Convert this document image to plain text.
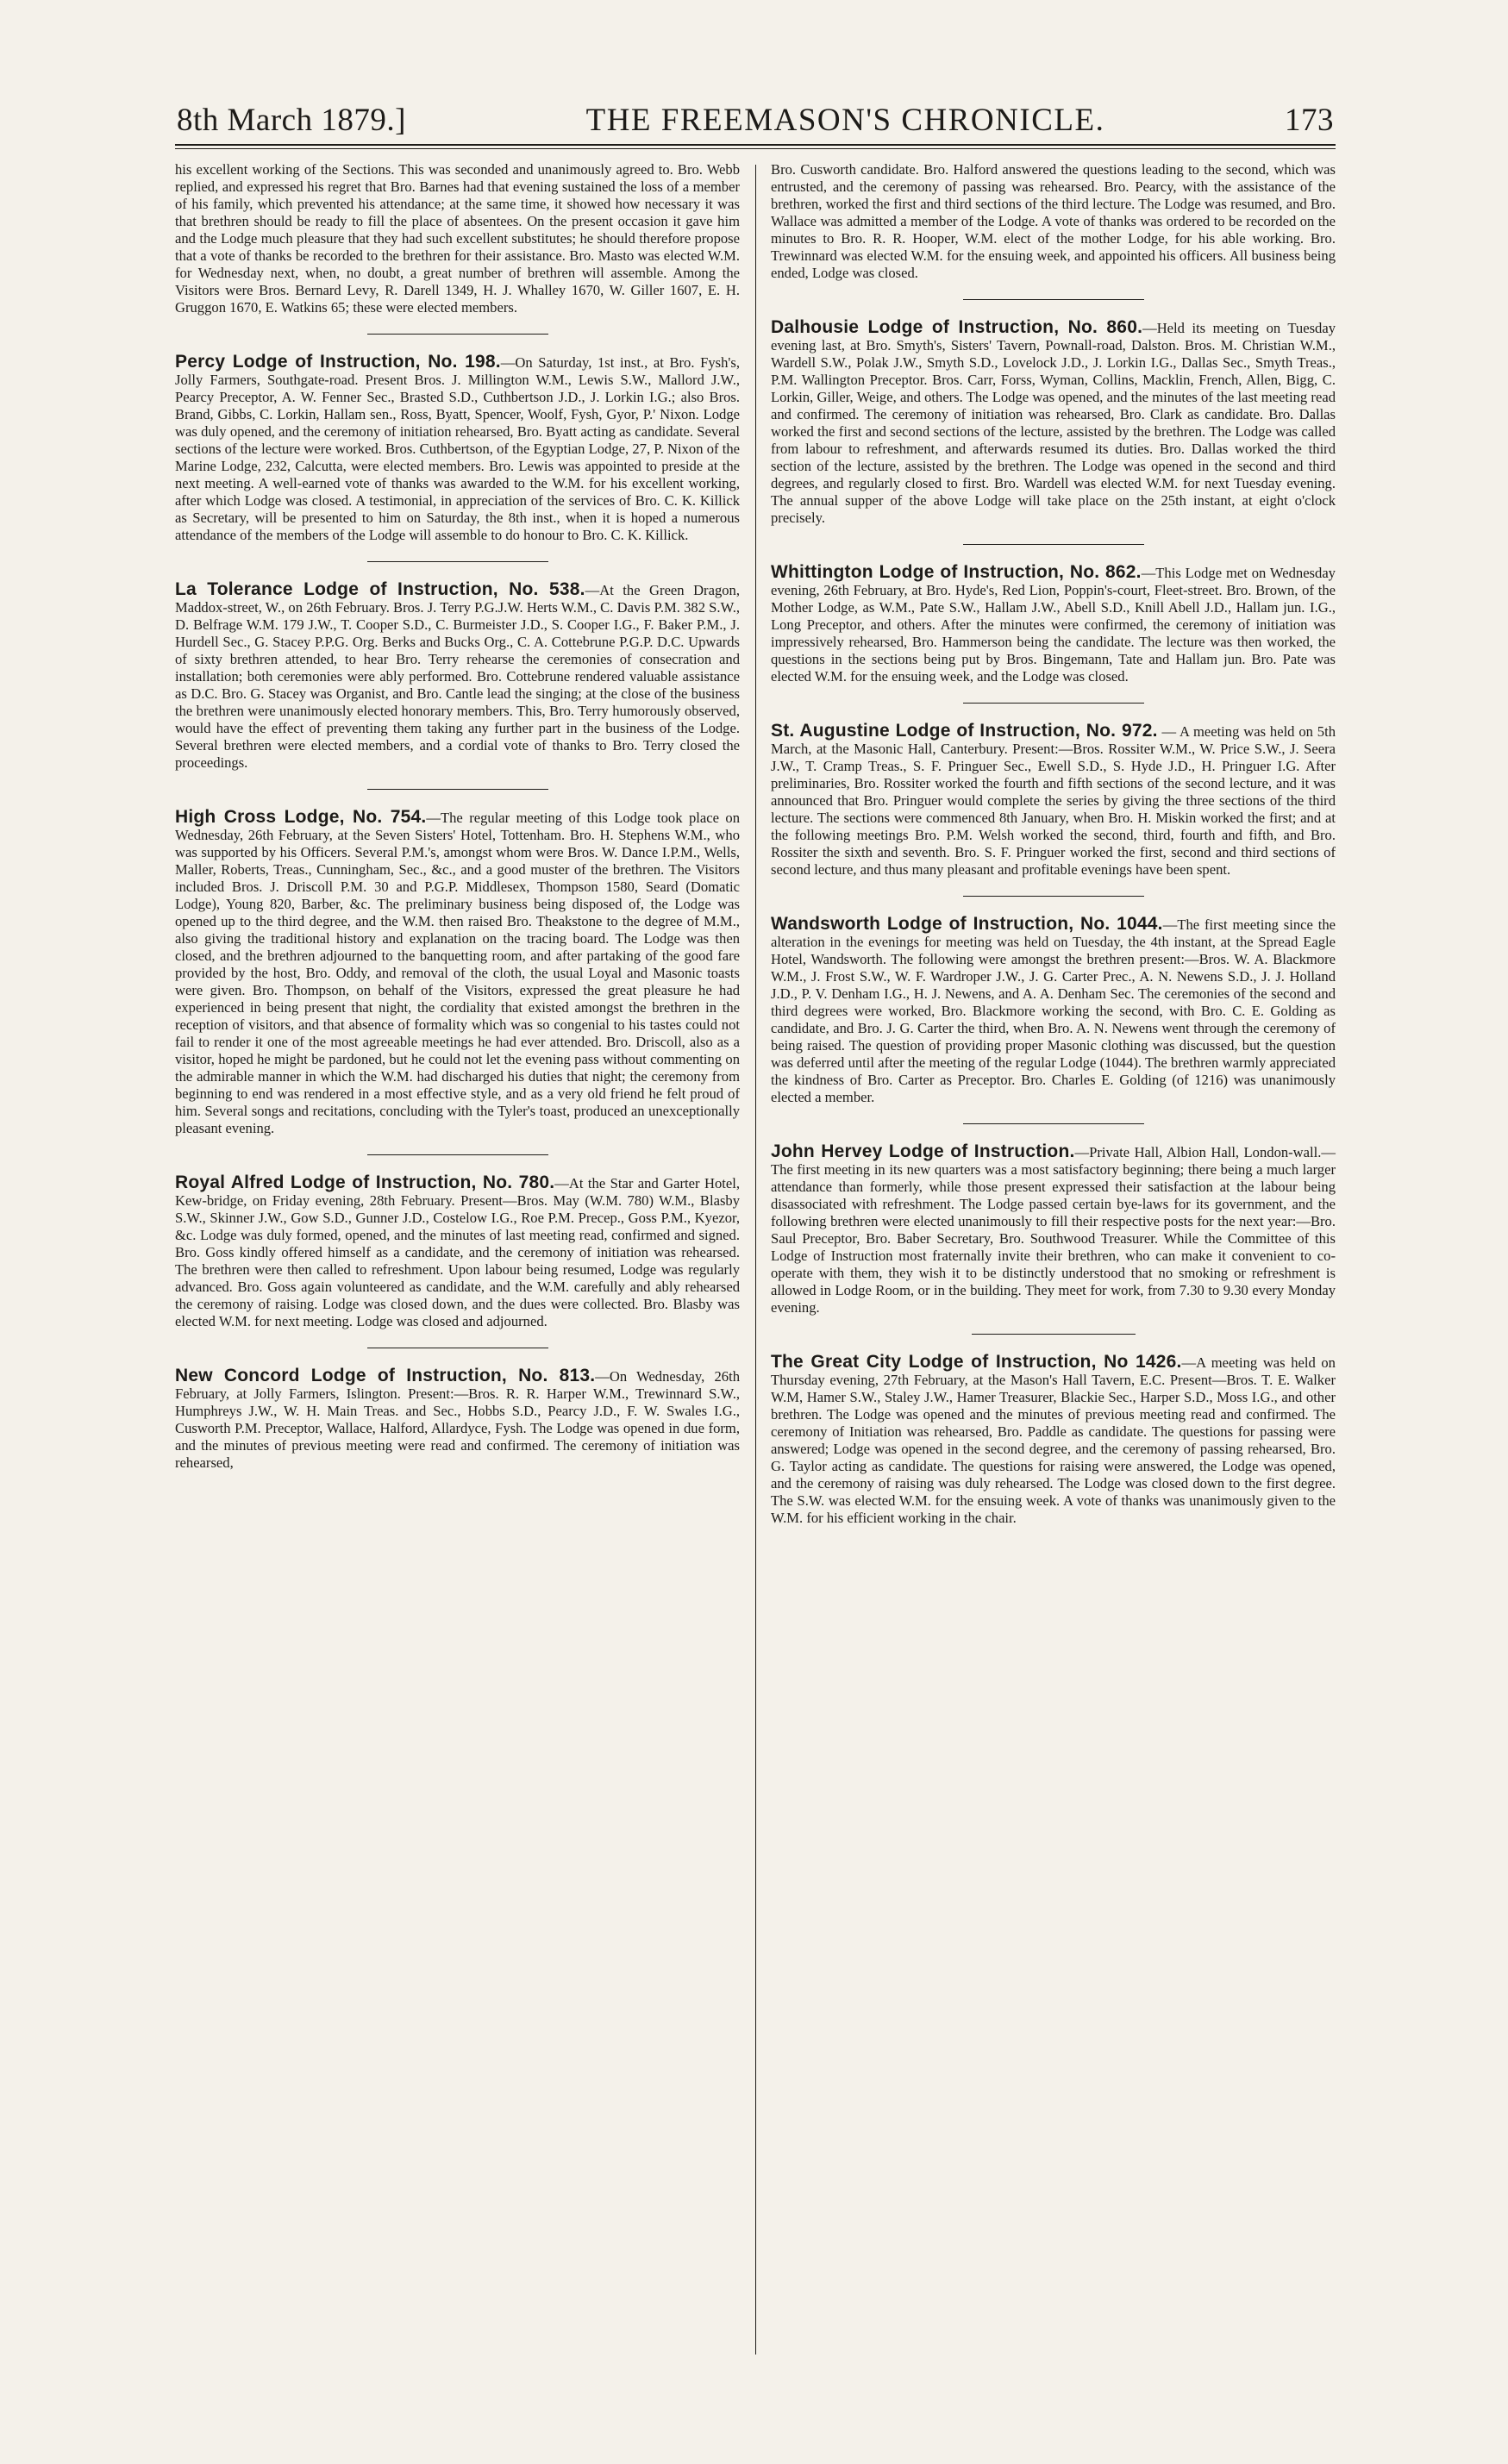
8th March 1879.]	THE FREEMASON'S CHRONICLE.	173

his excellent working of the Sections. This was seconded and unanimously agreed to. Bro. Webb replied, and expressed his regret that Bro. Barnes had that evening sustained the loss of a member of his family, which prevented his attendance; at the same time, it showed how necessary it was that brethren should be ready to fill the place of absentees. On the present occasion it gave him and the Lodge much pleasure that they had such excellent substitutes; he should therefore propose that a vote of thanks be recorded to the brethren for their assistance. Bro. Masto was elected W.M. for Wednesday next, when, no doubt, a great number of brethren will assemble. Among the Visitors were Bros. Bernard Levy, R. Darell 1349, H. J. Whalley 1670, W. Giller 1607, E. H. Gruggon 1670, E. Watkins 65; these were elected members.

Percy Lodge of Instruction, No. 198.—On Saturday, 1st inst., at Bro. Fysh's, Jolly Farmers, Southgate-road. Present Bros. J. Millington W.M., Lewis S.W., Mallord J.W., Pearcy Preceptor, A. W. Fenner Sec., Brasted S.D., Cuthbertson J.D., J. Lorkin I.G.; also Bros. Brand, Gibbs, C. Lorkin, Hallam sen., Ross, Byatt, Spencer, Woolf, Fysh, Gyor, P.' Nixon. Lodge was duly opened, and the ceremony of initiation rehearsed, Bro. Byatt acting as candidate. Several sections of the lecture were worked. Bros. Cuthbertson, of the Egyptian Lodge, 27, P. Nixon of the Marine Lodge, 232, Calcutta, were elected members. Bro. Lewis was appointed to preside at the next meeting. A well-earned vote of thanks was awarded to the W.M. for his excellent working, after which Lodge was closed. A testimonial, in appreciation of the services of Bro. C. K. Killick as Secretary, will be presented to him on Saturday, the 8th inst., when it is hoped a numerous attendance of the members of the Lodge will assemble to do honour to Bro. C. K. Killick.

La Tolerance Lodge of Instruction, No. 538.—At the Green Dragon, Maddox-street, W., on 26th February. Bros. J. Terry P.G.J.W. Herts W.M., C. Davis P.M. 382 S.W., D. Belfrage W.M. 179 J.W., T. Cooper S.D., C. Burmeister J.D., S. Cooper I.G., F. Baker P.M., J. Hurdell Sec., G. Stacey P.P.G. Org. Berks and Bucks Org., C. A. Cottebrune P.G.P. D.C. Upwards of sixty brethren attended, to hear Bro. Terry rehearse the ceremonies of consecration and installation; both ceremonies were ably performed. Bro. Cottebrune rendered valuable assistance as D.C. Bro. G. Stacey was Organist, and Bro. Cantle lead the singing; at the close of the business the brethren were unanimously elected honorary members. This, Bro. Terry humorously observed, would have the effect of preventing them taking any further part in the business of the Lodge. Several brethren were elected members, and a cordial vote of thanks to Bro. Terry closed the proceedings.

High Cross Lodge, No. 754.—The regular meeting of this Lodge took place on Wednesday, 26th February, at the Seven Sisters' Hotel, Tottenham. Bro. H. Stephens W.M., who was supported by his Officers. Several P.M.'s, amongst whom were Bros. W. Dance I.P.M., Wells, Maller, Roberts, Treas., Cunningham, Sec., &c., and a good muster of the brethren. The Visitors included Bros. J. Driscoll P.M. 30 and P.G.P. Middlesex, Thompson 1580, Seard (Domatic Lodge), Young 820, Barber, &c. The preliminary business being disposed of, the Lodge was opened up to the third degree, and the W.M. then raised Bro. Theakstone to the degree of M.M., also giving the traditional history and explanation on the tracing board. The Lodge was then closed, and the brethren adjourned to the banquetting room, and after partaking of the good fare provided by the host, Bro. Oddy, and removal of the cloth, the usual Loyal and Masonic toasts were given. Bro. Thompson, on behalf of the Visitors, expressed the great pleasure he had experienced in being present that night, the cordiality that existed amongst the brethren in the reception of visitors, and that absence of formality which was so congenial to his tastes could not fail to render it one of the most agreeable meetings he had ever attended. Bro. Driscoll, also as a visitor, hoped he might be pardoned, but he could not let the evening pass without commenting on the admirable manner in which the W.M. had discharged his duties that night; the ceremony from beginning to end was rendered in a most effective style, and as a very old friend he felt proud of him. Several songs and recitations, concluding with the Tyler's toast, produced an unexceptionally pleasant evening.

Royal Alfred Lodge of Instruction, No. 780.—At the Star and Garter Hotel, Kew-bridge, on Friday evening, 28th February. Present—Bros. May (W.M. 780) W.M., Blasby S.W., Skinner J.W., Gow S.D., Gunner J.D., Costelow I.G., Roe P.M. Precep., Goss P.M., Kyezor, &c. Lodge was duly formed, opened, and the minutes of last meeting read, confirmed and signed. Bro. Goss kindly offered himself as a candidate, and the ceremony of initiation was rehearsed. The brethren were then called to refreshment. Upon labour being resumed, Lodge was regularly advanced. Bro. Goss again volunteered as candidate, and the W.M. carefully and ably rehearsed the ceremony of raising. Lodge was closed down, and the dues were collected. Bro. Blasby was elected W.M. for next meeting. Lodge was closed and adjourned.

New Concord Lodge of Instruction, No. 813.—On Wednesday, 26th February, at Jolly Farmers, Islington. Present:—Bros. R. R. Harper W.M., Trewinnard S.W., Humphreys J.W., W. H. Main Treas. and Sec., Hobbs S.D., Pearcy J.D., F. W. Swales I.G., Cusworth P.M. Preceptor, Wallace, Halford, Allardyce, Fysh. The Lodge was opened in due form, and the minutes of previous meeting were read and confirmed. The ceremony of initiation was rehearsed,

Bro. Cusworth candidate. Bro. Halford answered the questions leading to the second, which was entrusted, and the ceremony of passing was rehearsed. Bro. Pearcy, with the assistance of the brethren, worked the first and third sections of the third lecture. The Lodge was resumed, and Bro. Wallace was admitted a member of the Lodge. A vote of thanks was ordered to be recorded on the minutes to Bro. R. R. Hooper, W.M. elect of the mother Lodge, for his able working. Bro. Trewinnard was elected W.M. for the ensuing week, and appointed his officers. All business being ended, Lodge was closed.

Dalhousie Lodge of Instruction, No. 860.—Held its meeting on Tuesday evening last, at Bro. Smyth's, Sisters' Tavern, Pownall-road, Dalston. Bros. M. Christian W.M., Wardell S.W., Polak J.W., Smyth S.D., Lovelock J.D., J. Lorkin I.G., Dallas Sec., Smyth Treas., P.M. Wallington Preceptor. Bros. Carr, Forss, Wyman, Collins, Macklin, French, Allen, Bigg, C. Lorkin, Giller, Weige, and others. The Lodge was opened, and the minutes of the last meeting read and confirmed. The ceremony of initiation was rehearsed, Bro. Clark as candidate. Bro. Dallas worked the first and second sections of the lecture, assisted by the brethren. The Lodge was called from labour to refreshment, and afterwards resumed its duties. Bro. Dallas worked the third section of the lecture, assisted by the brethren. The Lodge was opened in the second and third degrees, and regularly closed to first. Bro. Wardell was elected W.M. for next Tuesday evening. The annual supper of the above Lodge will take place on the 25th instant, at eight o'clock precisely.

Whittington Lodge of Instruction, No. 862.—This Lodge met on Wednesday evening, 26th February, at Bro. Hyde's, Red Lion, Poppin's-court, Fleet-street. Bro. Brown, of the Mother Lodge, as W.M., Pate S.W., Hallam J.W., Abell S.D., Knill Abell J.D., Hallam jun. I.G., Long Preceptor, and others. After the minutes were confirmed, the ceremony of initiation was impressively rehearsed, Bro. Hammerson being the candidate. The lecture was then worked, the questions in the sections being put by Bros. Bingemann, Tate and Hallam jun. Bro. Pate was elected W.M. for the ensuing week, and the Lodge was closed.

St. Augustine Lodge of Instruction, No. 972. — A meeting was held on 5th March, at the Masonic Hall, Canterbury. Present:—Bros. Rossiter W.M., W. Price S.W., J. Seera J.W., T. Cramp Treas., S. F. Pringuer Sec., Ewell S.D., S. Hyde J.D., H. Pringuer I.G. After preliminaries, Bro. Rossiter worked the fourth and fifth sections of the second lecture, and it was announced that Bro. Pringuer would complete the series by giving the three sections of the third lecture. The sections were commenced 8th January, when Bro. H. Miskin worked the first; and at the following meetings Bro. P.M. Welsh worked the second, third, fourth and fifth, and Bro. Rossiter the sixth and seventh. Bro. S. F. Pringuer worked the first, second and third sections of second lecture, and thus many pleasant and profitable evenings have been spent.

Wandsworth Lodge of Instruction, No. 1044.—The first meeting since the alteration in the evenings for meeting was held on Tuesday, the 4th instant, at the Spread Eagle Hotel, Wandsworth. The following were amongst the brethren present:—Bros. W. A. Blackmore W.M., J. Frost S.W., W. F. Wardroper J.W., J. G. Carter Prec., A. N. Newens S.D., J. J. Holland J.D., P. V. Denham I.G., H. J. Newens, and A. A. Denham Sec. The ceremonies of the second and third degrees were worked, Bro. Blackmore working the second, with Bro. C. E. Golding as candidate, and Bro. J. G. Carter the third, when Bro. A. N. Newens went through the ceremony of being raised. The question of providing proper Masonic clothing was discussed, but the question was deferred until after the meeting of the regular Lodge (1044). The brethren warmly appreciated the kindness of Bro. Carter as Preceptor. Bro. Charles E. Golding (of 1216) was unanimously elected a member.

John Hervey Lodge of Instruction.—Private Hall, Albion Hall, London-wall.—The first meeting in its new quarters was a most satisfactory beginning; there being a much larger attendance than formerly, while those present expressed their satisfaction at the labour being disassociated with refreshment. The Lodge passed certain bye-laws for its government, and the following brethren were elected unanimously to fill their respective posts for the next year:—Bro. Saul Preceptor, Bro. Baber Secretary, Bro. Southwood Treasurer. While the Committee of this Lodge of Instruction most fraternally invite their brethren, who can make it convenient to co-operate with them, they wish it to be distinctly understood that no smoking or refreshment is allowed in Lodge Room, or in the building. They meet for work, from 7.30 to 9.30 every Monday evening.

The Great City Lodge of Instruction, No 1426.—A meeting was held on Thursday evening, 27th February, at the Mason's Hall Tavern, E.C. Present—Bros. T. E. Walker W.M, Hamer S.W., Staley J.W., Hamer Treasurer, Blackie Sec., Harper S.D., Moss I.G., and other brethren. The Lodge was opened and the minutes of previous meeting read and confirmed. The ceremony of Initiation was rehearsed, Bro. Paddle as candidate. The questions for passing were answered; Lodge was opened in the second degree, and the ceremony of passing rehearsed, Bro. G. Taylor acting as candidate. The questions for raising were answered, the Lodge was opened, and the ceremony of raising was duly rehearsed. The Lodge was closed down to the first degree. The S.W. was elected W.M. for the ensuing week. A vote of thanks was unanimously given to the W.M. for his efficient working in the chair.
